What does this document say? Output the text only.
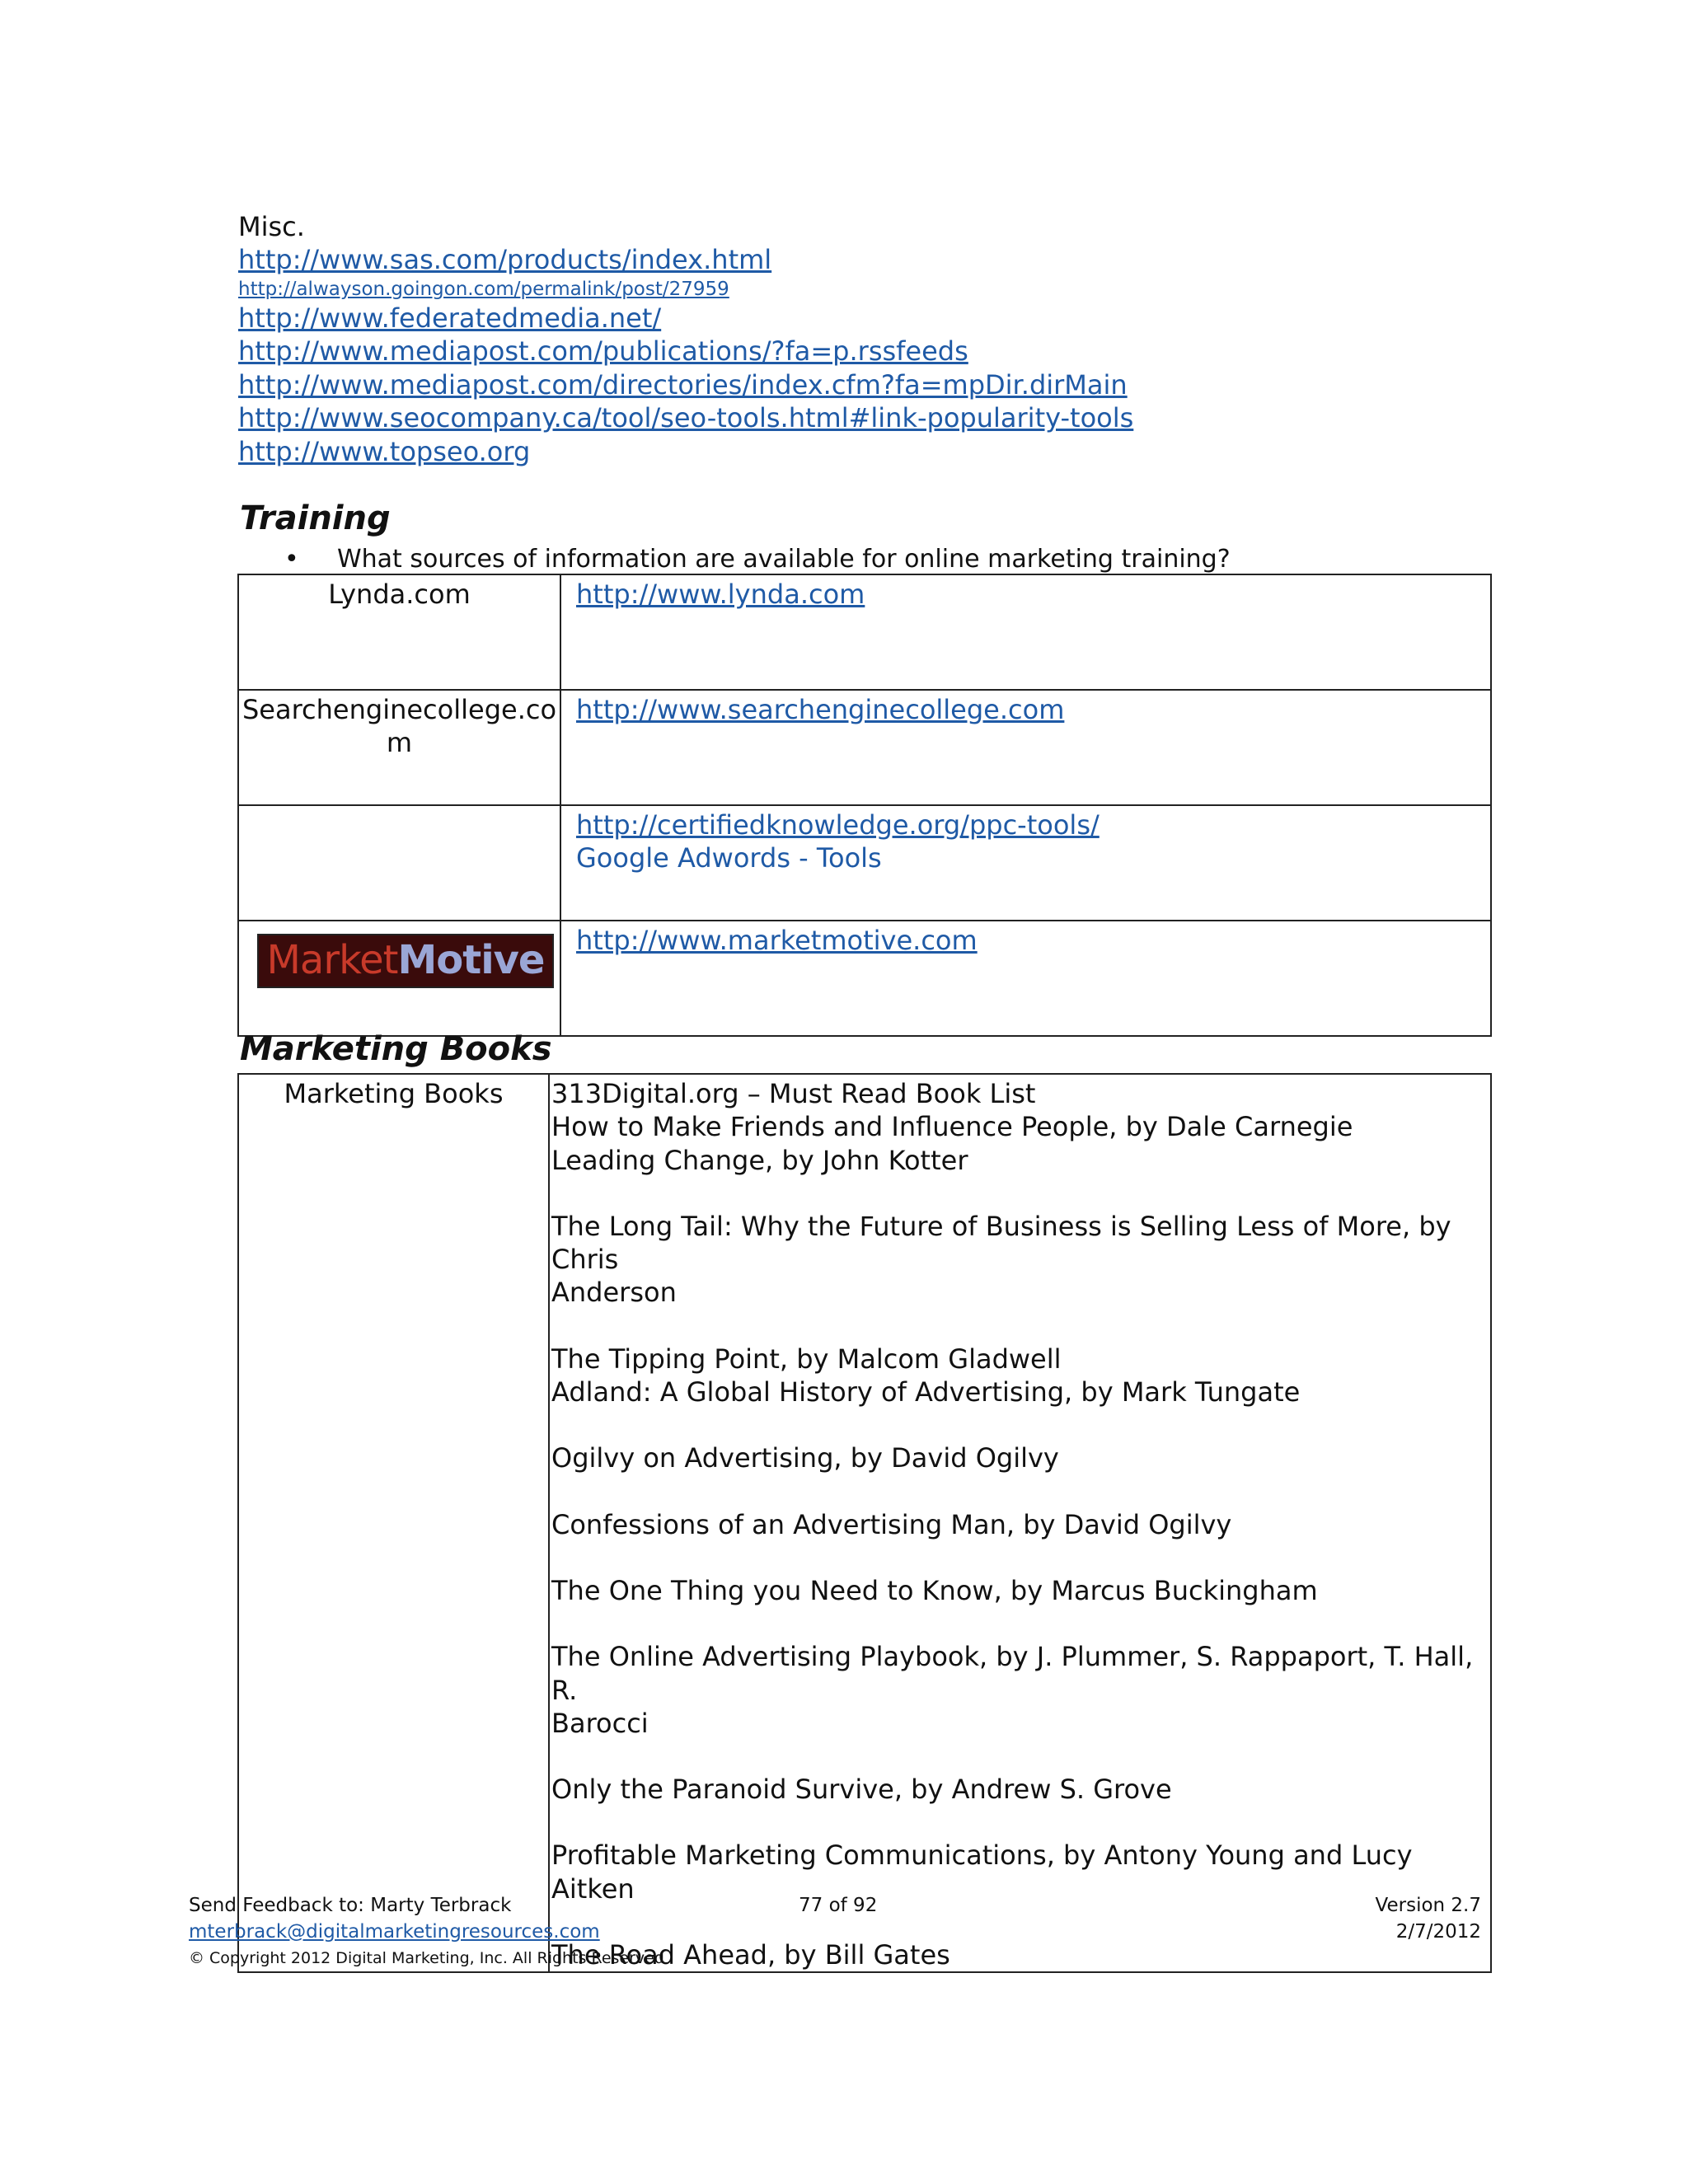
Misc.

http://www.sas.com/products/index.html
http://alwayson.goingon.com/permalink/post/27959
http://www.federatedmedia.net/
http://www.mediapost.com/publications/?fa=p.rssfeeds
http://www.mediapost.com/directories/index.cfm?fa=mpDir.dirMain
http://www.seocompany.ca/tool/seo-tools.html#link-popularity-tools
http://www.topseo.org
Training
• What sources of information are available for online marketing training?
Lynda.com	http://www.lynda.com
Searchenginecollege.co m	http://www.searchenginecollege.com
	http://certifiedknowledge.org/ppc-tools/
Google Adwords - Tools

MarketMotive	http://www.marketmotive.com
Marketing Books
Marketing Books	313Digital.org – Must Read Book List
How to Make Friends and Influence People, by Dale Carnegie
Leading Change, by John Kotter
The Long Tail: Why the Future of Business is Selling Less of More, by Chris
Anderson
The Tipping Point, by Malcom Gladwell
Adland: A Global History of Advertising, by Mark Tungate
Ogilvy on Advertising, by David Ogilvy
Confessions of an Advertising Man, by David Ogilvy
The One Thing you Need to Know, by Marcus Buckingham
The Online Advertising Playbook, by J. Plummer, S. Rappaport, T. Hall, R.
Barocci
Only the Paranoid Survive, by Andrew S. Grove
Profitable Marketing Communications, by Antony Young and Lucy Aitken
The Road Ahead, by Bill Gates
Send Feedback to: Marty Terbrack
mterbrack@digitalmarketingresources.com
© Copyright 2012 Digital Marketing, Inc. All Rights Reserved
77 of 92	Version 2.7
2/7/2012
